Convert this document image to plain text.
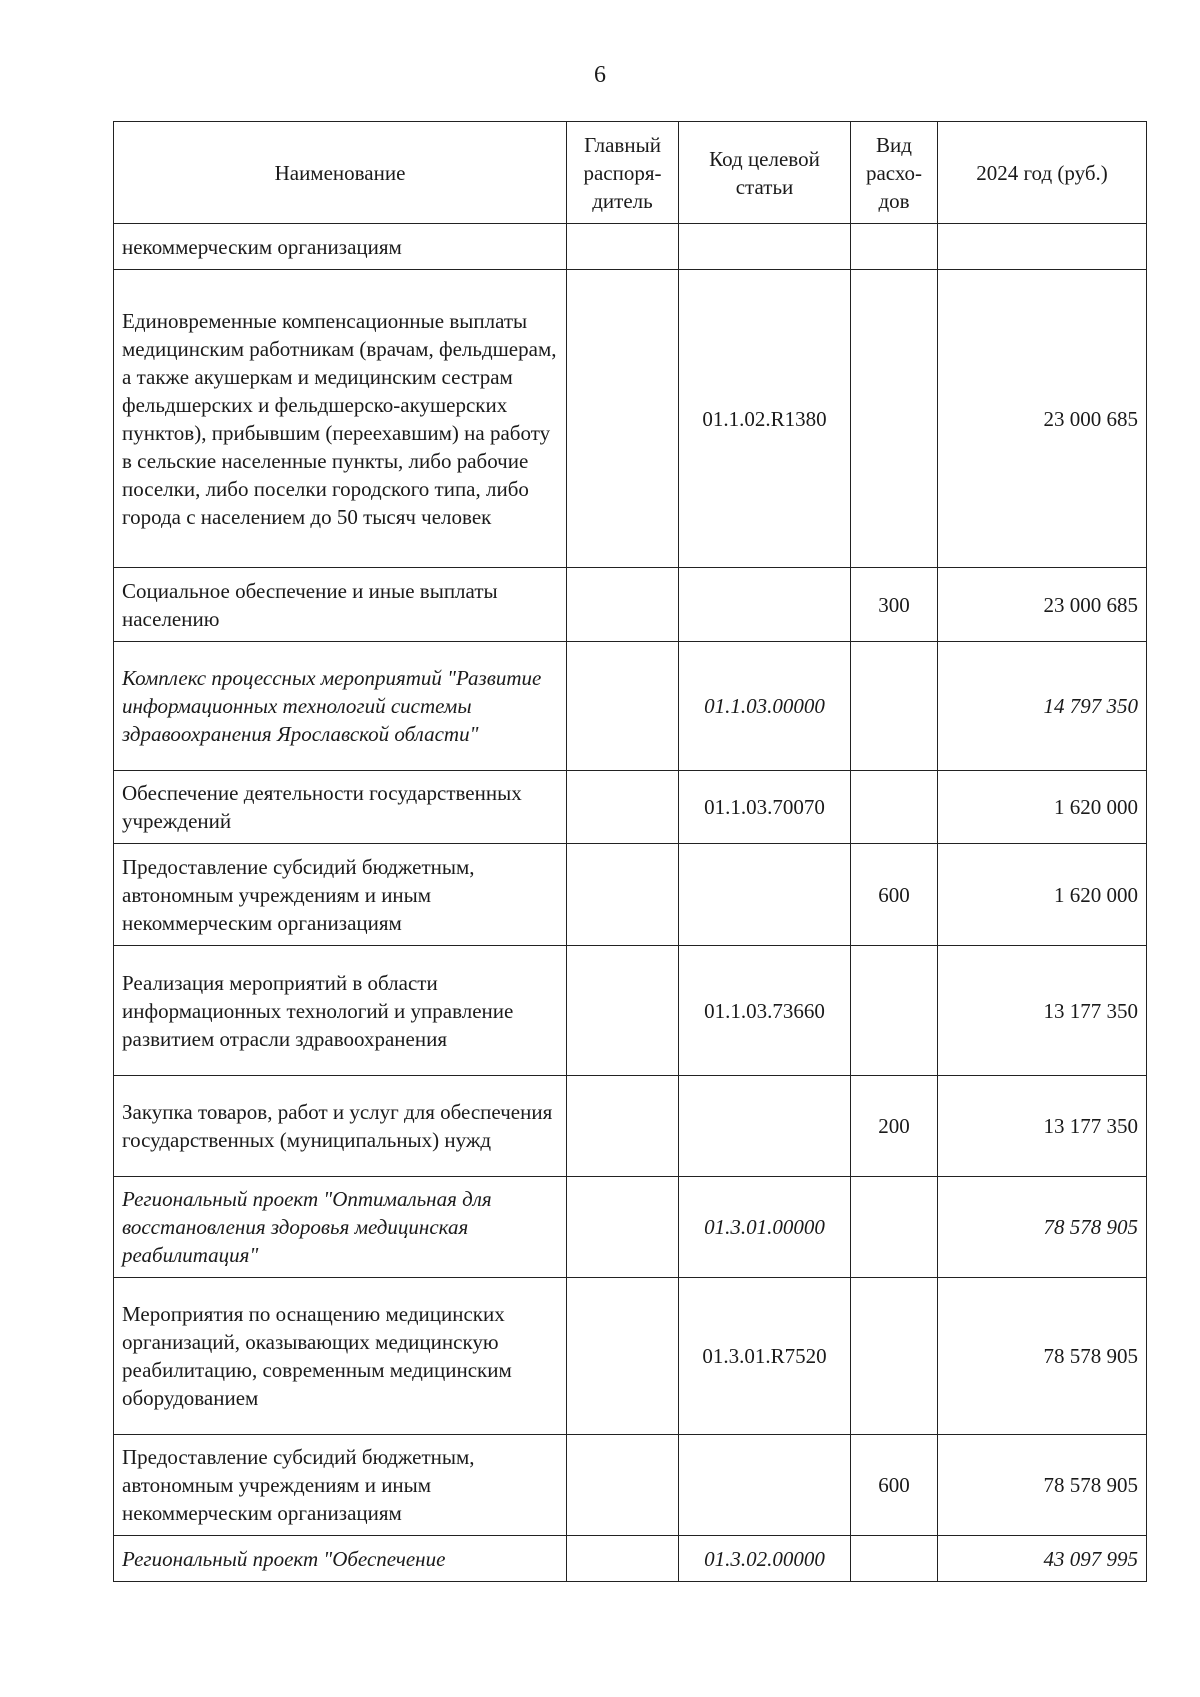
6
Наименование	Главный распоря-дитель	Код целевой статьи	Вид расхо-дов	2024 год (руб.)
некоммерческим организациям				
Единовременные компенсационные выплаты медицинским работникам (врачам, фельдшерам, а также акушеркам и медицинским сестрам фельдшерских и фельдшерско-акушерских пунктов), прибывшим (переехавшим) на работу в сельские населенные пункты, либо рабочие поселки, либо поселки городского типа, либо города с населением до 50 тысяч человек		01.1.02.R1380		23 000 685
Социальное обеспечение и иные выплаты населению			300	23 000 685
Комплекс процессных мероприятий "Развитие информационных технологий системы здравоохранения Ярославской области"		01.1.03.00000		14 797 350
Обеспечение деятельности государственных учреждений		01.1.03.70070		1 620 000
Предоставление субсидий бюджетным, автономным учреждениям и иным некоммерческим организациям			600	1 620 000
Реализация мероприятий в области информационных технологий и управление развитием отрасли здравоохранения		01.1.03.73660		13 177 350
Закупка товаров, работ и услуг для обеспечения государственных (муниципальных) нужд			200	13 177 350
Региональный проект "Оптимальная для восстановления здоровья медицинская реабилитация"		01.3.01.00000		78 578 905
Мероприятия по оснащению медицинских организаций, оказывающих медицинскую реабилитацию, современным медицинским оборудованием		01.3.01.R7520		78 578 905
Предоставление субсидий бюджетным, автономным учреждениям и иным некоммерческим организациям			600	78 578 905
Региональный проект "Обеспечение		01.3.02.00000		43 097 995
